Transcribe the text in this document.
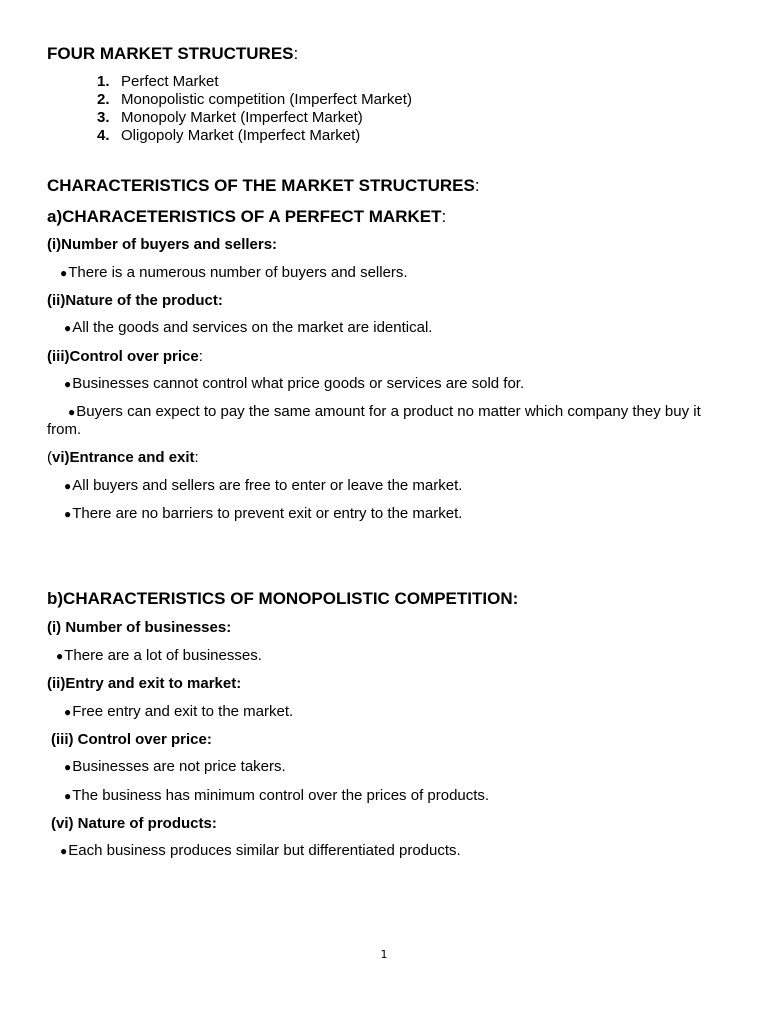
FOUR MARKET STRUCTURES:
1. Perfect Market
2. Monopolistic competition (Imperfect Market)
3. Monopoly Market (Imperfect Market)
4. Oligopoly Market (Imperfect Market)
CHARACTERISTICS OF THE MARKET STRUCTURES:
a)CHARACETERISTICS OF A PERFECT MARKET:
(i)Number of buyers and sellers:
●There is a numerous number of buyers and sellers.
(ii)Nature of the product:
●All the goods and services on the market are identical.
(iii)Control over price:
●Businesses cannot control what price goods or services are sold for.
●Buyers can expect to pay the same amount for a product no matter which company they buy it from.
(vi)Entrance and exit:
●All buyers and sellers are free to enter or leave the market.
●There are no barriers to prevent exit or entry to the market.
b)CHARACTERISTICS OF MONOPOLISTIC COMPETITION:
(i) Number of businesses:
●There are a lot of businesses.
(ii)Entry and exit to market:
●Free entry and exit to the market.
(iii) Control over price:
●Businesses are not price takers.
●The business has minimum control over the prices of products.
(vi) Nature of products:
●Each business produces similar but differentiated products.
1
